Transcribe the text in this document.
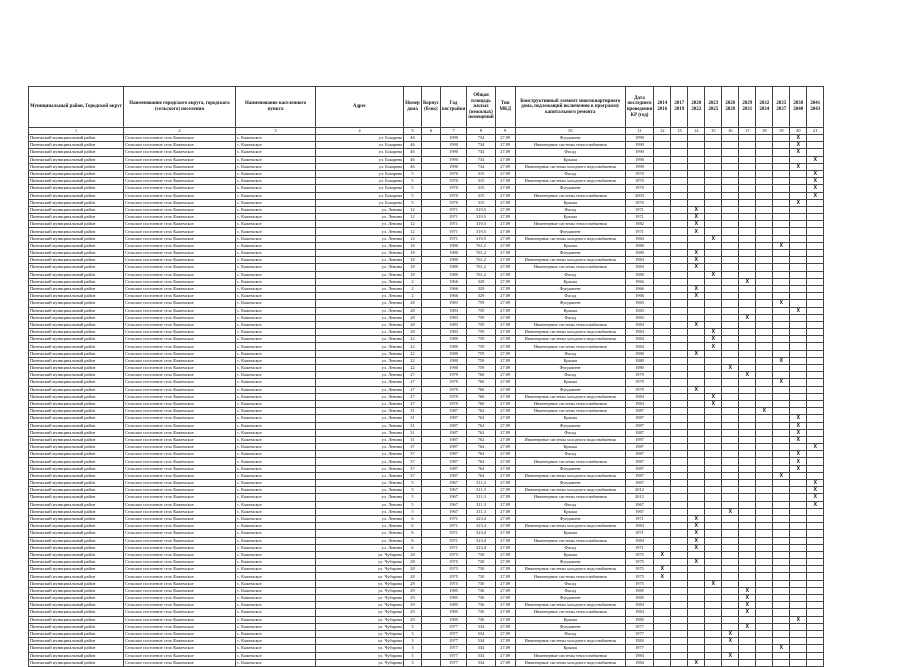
Муниципальный район, Городской округ	Наименование городского округа, городского (сельского) поселения	Наименование населенного пункта	Адрес	Номер дома	Корпус (блок)	Год постройки	Общая площадь жилых (нежилых) помещений	Тип МКД	Конструктивный элемент многоквартирного дома, подлежащий включению в программу капитального ремонта	Дата последнего проведения КР (год)	2014 2016	2017 2019	2020 2022	2023 2025	2026 2028	2029 2031	2032 2034	2035 2037	2038 2040	2041 2043
1	2	3	4	5	6	7	8	9	10	11	12	13	14	15	16	17	18	19	20	21
Пинежский муниципальный район	Сельское поселение село Кажемское	с. Кажемское	ул. Бокарева	46		1990	734	27.09	Фундамент	1990									X	
Пинежский муниципальный район	Сельское поселение село Кажемское	с. Кажемское	ул. Бокарева	46		1990	734	27.09	Инженерные системы теплоснабжения	1990									X	
Пинежский муниципальный район	Сельское поселение село Кажемское	с. Кажемское	ул. Бокарева	46		1990	734	27.09	Фасад	1990									X	
Пинежский муниципальный район	Сельское поселение село Кажемское	с. Кажемское	ул. Бокарева	46		1990	734	27.09	Крыша	1990										X
Пинежский муниципальный район	Сельское поселение село Кажемское	с. Кажемское	ул. Бокарева	46		1990	734	27.09	Инженерные системы холодного водоснабжения	1990									X	
Пинежский муниципальный район	Сельское поселение село Кажемское	с. Кажемское	ул. Бокарева	5		1970	315	27.09	Фасад	1970										X
Пинежский муниципальный район	Сельское поселение село Кажемское	с. Кажемское	ул. Бокарева	5		1970	315	27.09	Инженерные системы холодного водоснабжения	1970										X
Пинежский муниципальный район	Сельское поселение село Кажемское	с. Кажемское	ул. Бокарева	5		1970	315	27.09	Фундамент	1970										X
Пинежский муниципальный район	Сельское поселение село Кажемское	с. Кажемское	ул. Бокарева	5		1970	315	27.09	Инженерные системы теплоснабжения	2003										X
Пинежский муниципальный район	Сельское поселение село Кажемское	с. Кажемское	ул. Бокарева	5		1970	315	27.09	Крыша	1970									X	
Пинежский муниципальный район	Сельское поселение село Кажемское	с. Кажемское	ул. Ленина	12		1971	319,5	27.09	Фасад	1971			X							
Пинежский муниципальный район	Сельское поселение село Кажемское	с. Кажемское	ул. Ленина	12		1971	319,5	27.09	Крыша	1971			X							
Пинежский муниципальный район	Сельское поселение село Кажемское	с. Кажемское	ул. Ленина	12		1971	319,5	27.09	Инженерные системы теплоснабжения	1982			X							
Пинежский муниципальный район	Сельское поселение село Кажемское	с. Кажемское	ул. Ленина	12		1971	319,5	27.09	Фундамент	1971			X							
Пинежский муниципальный район	Сельское поселение село Кажемское	с. Кажемское	ул. Ленина	12		1971	319,5	27.09	Инженерные системы холодного водоснабжения	1984				X						
Пинежский муниципальный район	Сельское поселение село Кажемское	с. Кажемское	ул. Ленина	18		1980	761,2	27.09	Крыша	1980								X		
Пинежский муниципальный район	Сельское поселение село Кажемское	с. Кажемское	ул. Ленина	18		1980	761,2	27.09	Фундамент	1980			X							
Пинежский муниципальный район	Сельское поселение село Кажемское	с. Кажемское	ул. Ленина	18		1980	761,2	27.09	Инженерные системы холодного водоснабжения	1984			X							
Пинежский муниципальный район	Сельское поселение село Кажемское	с. Кажемское	ул. Ленина	18		1980	761,2	27.09	Инженерные системы теплоснабжения	1984			X							
Пинежский муниципальный район	Сельское поселение село Кажемское	с. Кажемское	ул. Ленина	18		1980	761,2	27.09	Фасад	1980				X						
Пинежский муниципальный район	Сельское поселение село Кажемское	с. Кажемское	ул. Ленина	2		1966	329	27.09	Крыша	1966						X				
Пинежский муниципальный район	Сельское поселение село Кажемское	с. Кажемское	ул. Ленина	2		1966	329	27.09	Фундамент	1966			X							
Пинежский муниципальный район	Сельское поселение село Кажемское	с. Кажемское	ул. Ленина	2		1966	329	27.09	Фасад	1966			X							
Пинежский муниципальный район	Сельское поселение село Кажемское	с. Кажемское	ул. Ленина	28		1983	759	27.09	Фундамент	1983								X		
Пинежский муниципальный район	Сельское поселение село Кажемское	с. Кажемское	ул. Ленина	28		1983	759	27.09	Крыша	1983									X	
Пинежский муниципальный район	Сельское поселение село Кажемское	с. Кажемское	ул. Ленина	28		1983	759	27.09	Фасад	1983						X				
Пинежский муниципальный район	Сельское поселение село Кажемское	с. Кажемское	ул. Ленина	28		1983	759	27.09	Инженерные системы теплоснабжения	1984			X							
Пинежский муниципальный район	Сельское поселение село Кажемское	с. Кажемское	ул. Ленина	28		1983	759	27.09	Инженерные системы холодного водоснабжения	1984				X						
Пинежский муниципальный район	Сельское поселение село Кажемское	с. Кажемское	ул. Ленина	22		1980	759	27.09	Инженерные системы холодного водоснабжения	1984				X						
Пинежский муниципальный район	Сельское поселение село Кажемское	с. Кажемское	ул. Ленина	22		1980	759	27.09	Инженерные системы теплоснабжения	1984				X						
Пинежский муниципальный район	Сельское поселение село Кажемское	с. Кажемское	ул. Ленина	22		1980	759	27.09	Фасад	1980			X							
Пинежский муниципальный район	Сельское поселение село Кажемское	с. Кажемское	ул. Ленина	22		1980	759	27.09	Крыша	1980								X		
Пинежский муниципальный район	Сельское поселение село Кажемское	с. Кажемское	ул. Ленина	22		1980	759	27.09	Фундамент	1980					X					
Пинежский муниципальный район	Сельское поселение село Кажемское	с. Кажемское	ул. Ленина	27		1979	760	27.09	Фасад	1979						X				
Пинежский муниципальный район	Сельское поселение село Кажемское	с. Кажемское	ул. Ленина	27		1979	760	27.09	Крыша	1979								X		
Пинежский муниципальный район	Сельское поселение село Кажемское	с. Кажемское	ул. Ленина	27		1979	760	27.09	Фундамент	1979			X							
Пинежский муниципальный район	Сельское поселение село Кажемское	с. Кажемское	ул. Ленина	27		1979	760	27.09	Инженерные системы холодного водоснабжения	1984				X						
Пинежский муниципальный район	Сельское поселение село Кажемское	с. Кажемское	ул. Ленина	27		1979	760	27.09	Инженерные системы теплоснабжения	1984				X						
Пинежский муниципальный район	Сельское поселение село Кажемское	с. Кажемское	ул. Ленина	31		1987	762	27.09	Инженерные системы теплоснабжения	1987							X			
Пинежский муниципальный район	Сельское поселение село Кажемское	с. Кажемское	ул. Ленина	31		1987	762	27.09	Крыша	1987									X	
Пинежский муниципальный район	Сельское поселение село Кажемское	с. Кажемское	ул. Ленина	31		1987	762	27.09	Фундамент	1987									X	
Пинежский муниципальный район	Сельское поселение село Кажемское	с. Кажемское	ул. Ленина	31		1987	762	27.09	Фасад	1987									X	
Пинежский муниципальный район	Сельское поселение село Кажемское	с. Кажемское	ул. Ленина	31		1987	762	27.09	Инженерные системы холодного водоснабжения	1987									X	
Пинежский муниципальный район	Сельское поселение село Кажемское	с. Кажемское	ул. Ленина	37		1987	764	27.09	Крыша	1987										X
Пинежский муниципальный район	Сельское поселение село Кажемское	с. Кажемское	ул. Ленина	37		1987	764	27.09	Фасад	1987									X	
Пинежский муниципальный район	Сельское поселение село Кажемское	с. Кажемское	ул. Ленина	37		1987	764	27.09	Инженерные системы теплоснабжения	1987									X	
Пинежский муниципальный район	Сельское поселение село Кажемское	с. Кажемское	ул. Ленина	37		1987	764	27.09	Фундамент	1987									X	
Пинежский муниципальный район	Сельское поселение село Кажемское	с. Кажемское	ул. Ленина	37		1987	764	27.09	Инженерные системы холодного водоснабжения	1987								X		
Пинежский муниципальный район	Сельское поселение село Кажемское	с. Кажемское	ул. Ленина	5		1967	311,3	27.09	Фундамент	1967										X
Пинежский муниципальный район	Сельское поселение село Кажемское	с. Кажемское	ул. Ленина	5		1967	311,3	27.09	Инженерные системы холодного водоснабжения	2012										X
Пинежский муниципальный район	Сельское поселение село Кажемское	с. Кажемское	ул. Ленина	5		1967	311,3	27.09	Инженерные системы теплоснабжения	2012										X
Пинежский муниципальный район	Сельское поселение село Кажемское	с. Кажемское	ул. Ленина	5		1967	311,3	27.09	Фасад	1967										X
Пинежский муниципальный район	Сельское поселение село Кажемское	с. Кажемское	ул. Ленина	5		1967	311,3	27.09	Крыша	1967					X					
Пинежский муниципальный район	Сельское поселение село Кажемское	с. Кажемское	ул. Ленина	6		1971	323,4	27.09	Фундамент	1971			X							
Пинежский муниципальный район	Сельское поселение село Кажемское	с. Кажемское	ул. Ленина	6		1971	323,4	27.09	Инженерные системы холодного водоснабжения	1984			X							
Пинежский муниципальный район	Сельское поселение село Кажемское	с. Кажемское	ул. Ленина	6		1971	323,4	27.09	Крыша	1971			X							
Пинежский муниципальный район	Сельское поселение село Кажемское	с. Кажемское	ул. Ленина	6		1971	323,4	27.09	Инженерные системы теплоснабжения	1984			X							
Пинежский муниципальный район	Сельское поселение село Кажемское	с. Кажемское	ул. Ленина	6		1971	323,4	27.09	Фасад	1971			X							
Пинежский муниципальный район	Сельское поселение село Кажемское	с. Кажемское	ул. Чубарова	28		1975	730	27.09	Крыша	1975	X									
Пинежский муниципальный район	Сельское поселение село Кажемское	с. Кажемское	ул. Чубарова	28		1975	730	27.09	Фундамент	1975			X							
Пинежский муниципальный район	Сельское поселение село Кажемское	с. Кажемское	ул. Чубарова	28		1975	730	27.09	Инженерные системы холодного водоснабжения	1975	X									
Пинежский муниципальный район	Сельское поселение село Кажемское	с. Кажемское	ул. Чубарова	28		1975	730	27.09	Инженерные системы теплоснабжения	1975	X									
Пинежский муниципальный район	Сельское поселение село Кажемское	с. Кажемское	ул. Чубарова	28		1975	730	27.09	Фасад	1975				X						
Пинежский муниципальный район	Сельское поселение село Кажемское	с. Кажемское	ул. Чубарова	29		1985	736	27.09	Фасад	1985						X				
Пинежский муниципальный район	Сельское поселение село Кажемское	с. Кажемское	ул. Чубарова	29		1985	736	27.09	Фундамент	1985						X				
Пинежский муниципальный район	Сельское поселение село Кажемское	с. Кажемское	ул. Чубарова	29		1985	736	27.09	Инженерные системы холодного водоснабжения	1984						X				
Пинежский муниципальный район	Сельское поселение село Кажемское	с. Кажемское	ул. Чубарова	29		1985	736	27.09	Инженерные системы теплоснабжения	1984						X				
Пинежский муниципальный район	Сельское поселение село Кажемское	с. Кажемское	ул. Чубарова	29		1985	736	27.09	Крыша	1985									X	
Пинежский муниципальный район	Сельское поселение село Кажемское	с. Кажемское	ул. Чубарова	3		1977	534	27.09	Фундамент	1977						X				
Пинежский муниципальный район	Сельское поселение село Кажемское	с. Кажемское	ул. Чубарова	3		1977	534	27.09	Фасад	1977					X					
Пинежский муниципальный район	Сельское поселение село Кажемское	с. Кажемское	ул. Чубарова	3		1977	534	27.09	Инженерные системы холодного водоснабжения	1984					X					
Пинежский муниципальный район	Сельское поселение село Кажемское	с. Кажемское	ул. Чубарова	3		1977	534	27.09	Крыша	1977								X		
Пинежский муниципальный район	Сельское поселение село Кажемское	с. Кажемское	ул. Чубарова	3		1977	534	27.09	Инженерные системы теплоснабжения	1984					X					
Пинежский муниципальный район	Сельское поселение село Кажемское	с. Кажемское	ул. Чубарова	3		1977	534	27.09	Инженерные системы холодного водоснабжения	1984			X							
